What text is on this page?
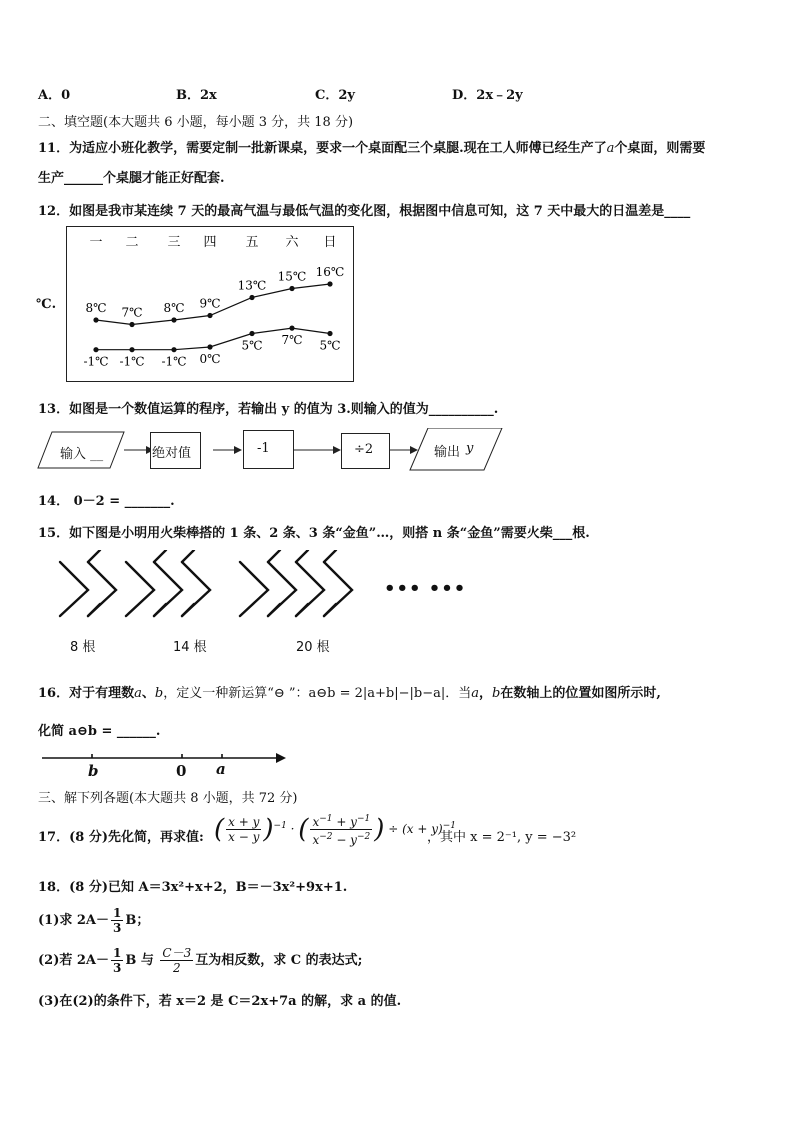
A．0	B．2x	C．2y	D．2x﹣2y
二、填空题(本大题共 6 小题，每小题 3 分，共 18 分)
11．为适应小班化教学，需要定制一批新课桌，要求一个桌面配三个桌腿.现在工人师傅已经生产了a个桌面，则需要
生产______个桌腿才能正好配套.
12．如图是我市某连续 7 天的最高气温与最低气温的变化图，根据图中信息可知，这 7 天中最大的日温差是____
℃.
一 二 三 四 五 六 日
8℃ 7℃ 8℃ 9℃
13℃
15℃ 16℃
-1℃ -1℃ -1℃ 0℃
5℃ 7℃ 5℃
13．如图是一个数值运算的程序，若输出 y 的值为 3.则输入的值为__________.
输入 __	绝对值	-1	÷2	输出 y
14． 0－2 = _______.
15．如下图是小明用火柴棒搭的 1 条、2 条、3 条“金鱼”…，则搭 n 条“金鱼”需要火柴___根.
••• •••
8 根	14 根	20 根
16．对于有理数a、b，定义一种新运算“⊖ ”：a⊖b = 2|a+b|−|b−a|．当a，b在数轴上的位置如图所示时,
化简 a⊖b = ______.
b	0 a
三、解下列各题(本大题共 8 小题，共 72 分)
17．(8 分)先化简，再求值: ( $\frac{x + y}{x - y} )^{-1}$ · ( $\frac{x^{-1} + y^{-1}}{x^{-2} - y^{-2}}$ ) ÷ $(x + y)^{-1}$
，其中 x = 2⁻¹, y = −3²
18．(8 分)已知 A＝3x²+x+2，B＝－3x²+9x+1.
(1)求 $2A- \frac{1}{3}$ B；
(2)若 $2A- \frac{1}{3}$ B 与 $\frac{C-3}{2}$ 互为相反数，求 C 的表达式;
(3)在(2)的条件下，若 x＝2 是 C＝2x+7a 的解，求 a 的值.
